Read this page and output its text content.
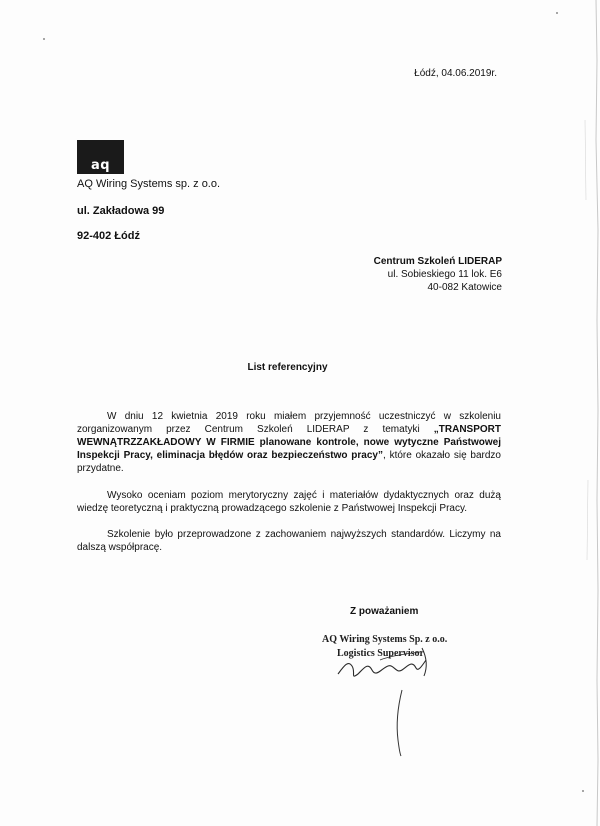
Łódź, 04.06.2019r.
aq
AQ Wiring Systems sp. z o.o.
ul. Zakładowa 99
92-402 Łódź
Centrum Szkoleń LIDERAP
ul. Sobieskiego 11 lok. E6
40-082 Katowice
List referencyjny
W dniu 12 kwietnia 2019 roku miałem przyjemność uczestniczyć w szkoleniu zorganizowanym przez Centrum Szkoleń LIDERAP z tematyki „TRANSPORT WEWNĄTRZZAKŁADOWY W FIRMIE planowane kontrole, nowe wytyczne Państwowej Inspekcji Pracy, eliminacja błędów oraz bezpieczeństwo pracy”, które okazało się bardzo przydatne.
Wysoko oceniam poziom merytoryczny zajęć i materiałów dydaktycznych oraz dużą wiedzę teoretyczną i praktyczną prowadzącego szkolenie z Państwowej Inspekcji Pracy.
Szkolenie było przeprowadzone z zachowaniem najwyższych standardów. Liczymy na dalszą współpracę.
Z poważaniem
AQ Wiring Systems Sp. z o.o.
Logistics Supervisor
